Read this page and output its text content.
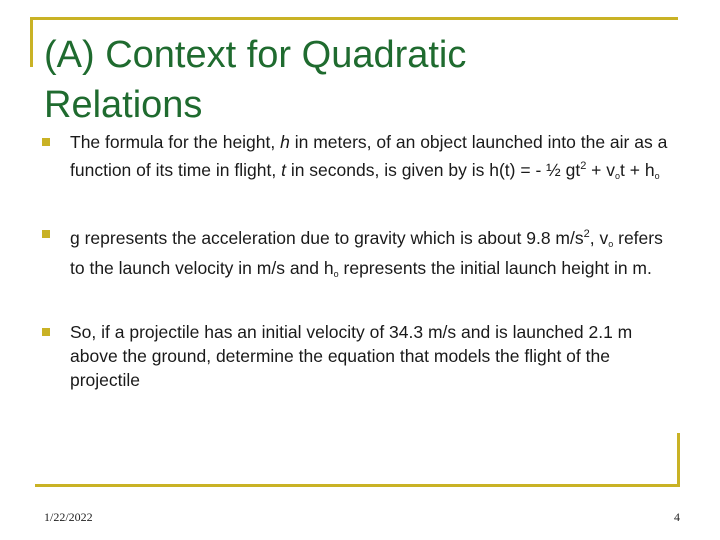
(A) Context for Quadratic
Relations
The formula for the height, h in meters, of an object launched into the air as a function of its time in flight, t in seconds, is given by is h(t) = - ½ $gt^2 + v_ot + h_o$
g represents the acceleration due to gravity which is about 9.8 $m/s^2$, $v_o$ refers to the launch velocity in m/s and $h_o$ represents the initial launch height in m.
So, if a projectile has an initial velocity of 34.3 m/s and is launched 2.1 m above the ground, determine the equation that models the flight of the projectile
1/22/2022	4
